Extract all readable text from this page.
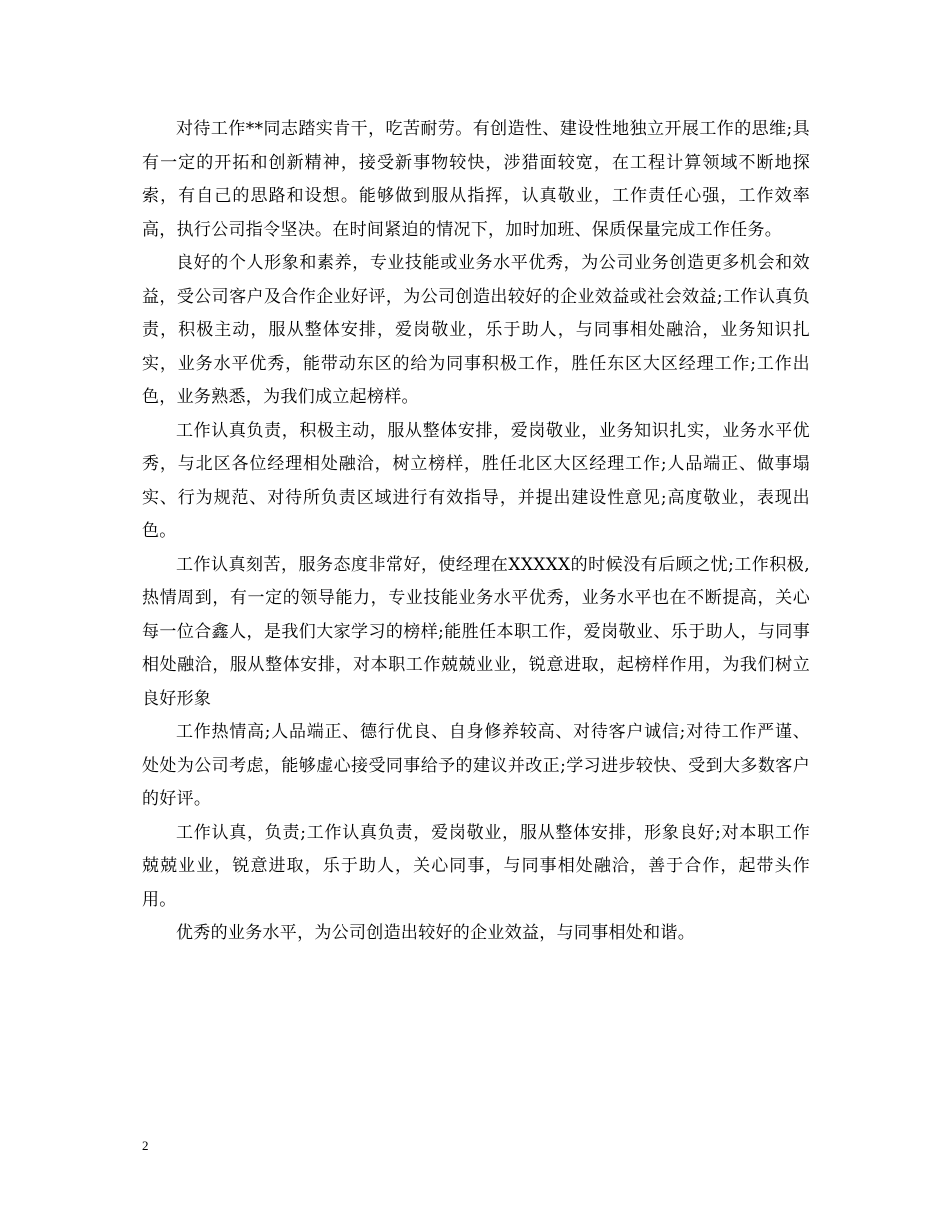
对待工作**同志踏实肯干，吃苦耐劳。有创造性、建设性地独立开展工作的思维;具有一定的开拓和创新精神，接受新事物较快，涉猎面较宽，在工程计算领域不断地探索，有自己的思路和设想。能够做到服从指挥，认真敬业，工作责任心强，工作效率高，执行公司指令坚决。在时间紧迫的情况下，加时加班、保质保量完成工作任务。

良好的个人形象和素养，专业技能或业务水平优秀，为公司业务创造更多机会和效益，受公司客户及合作企业好评，为公司创造出较好的企业效益或社会效益;工作认真负责，积极主动，服从整体安排，爱岗敬业，乐于助人，与同事相处融洽，业务知识扎实，业务水平优秀，能带动东区的给为同事积极工作，胜任东区大区经理工作;工作出色，业务熟悉，为我们成立起榜样。

工作认真负责，积极主动，服从整体安排，爱岗敬业，业务知识扎实，业务水平优秀，与北区各位经理相处融洽，树立榜样，胜任北区大区经理工作;人品端正、做事塌实、行为规范、对待所负责区域进行有效指导，并提出建设性意见;高度敬业，表现出色。

工作认真刻苦，服务态度非常好，使经理在XXXXX的时候没有后顾之忧;工作积极,热情周到，有一定的领导能力，专业技能业务水平优秀，业务水平也在不断提高，关心每一位合鑫人，是我们大家学习的榜样;能胜任本职工作，爱岗敬业、乐于助人，与同事相处融洽，服从整体安排，对本职工作兢兢业业，锐意进取，起榜样作用，为我们树立良好形象

工作热情高;人品端正、德行优良、自身修养较高、对待客户诚信;对待工作严谨、处处为公司考虑，能够虚心接受同事给予的建议并改正;学习进步较快、受到大多数客户的好评。

工作认真，负责;工作认真负责，爱岗敬业，服从整体安排，形象良好;对本职工作兢兢业业，锐意进取，乐于助人，关心同事，与同事相处融洽，善于合作，起带头作用。

优秀的业务水平，为公司创造出较好的企业效益，与同事相处和谐。

2
